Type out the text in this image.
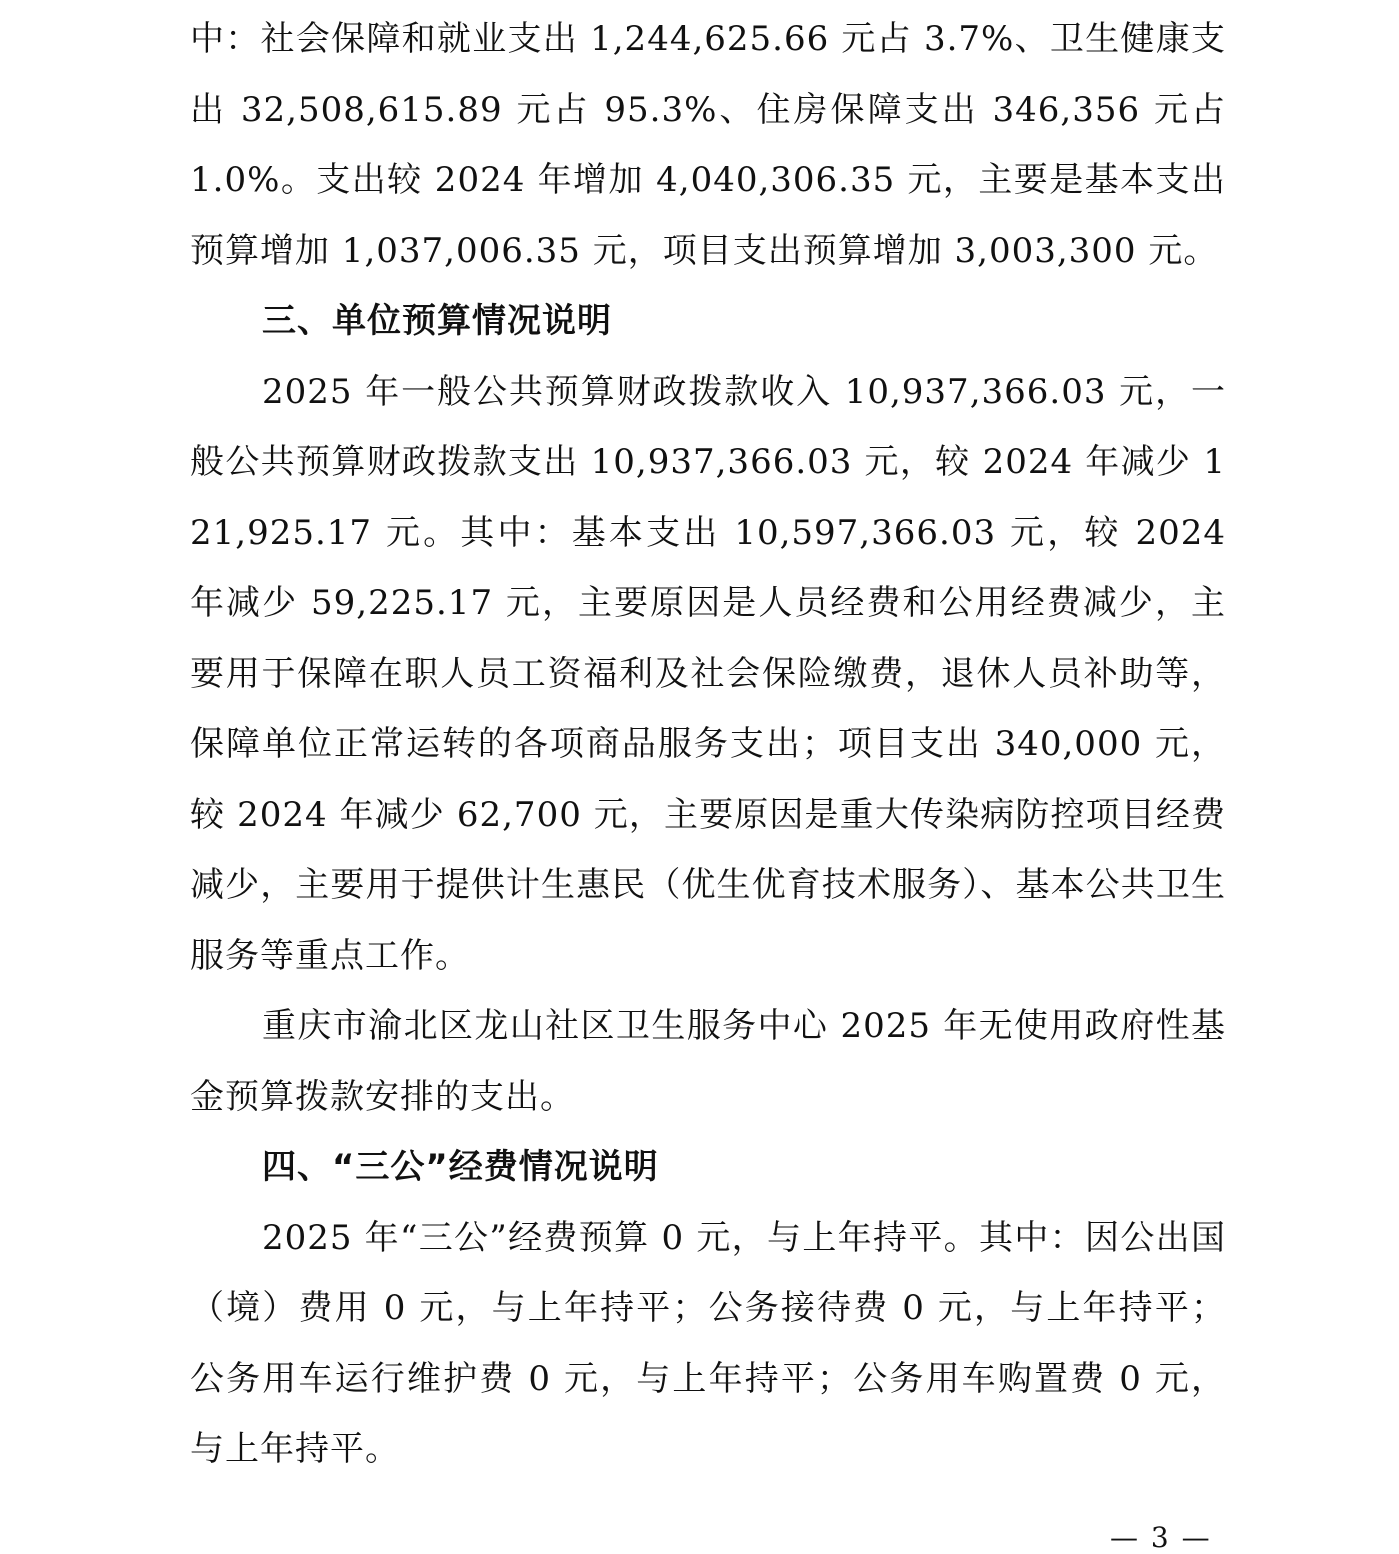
中：社会保障和就业支出 1,244,625.66 元占 3.7%、卫生健康支出 32,508,615.89 元占 95.3%、住房保障支出 346,356 元占 1.0%。支出较 2024 年增加 4,040,306.35 元，主要是基本支出预算增加 1,037,006.35 元，项目支出预算增加 3,003,300 元。

三、单位预算情况说明

2025 年一般公共预算财政拨款收入 10,937,366.03 元，一般公共预算财政拨款支出 10,937,366.03 元，较 2024 年减少 121,925.17 元。其中：基本支出 10,597,366.03 元，较 2024 年减少 59,225.17 元，主要原因是人员经费和公用经费减少，主要用于保障在职人员工资福利及社会保险缴费，退休人员补助等，保障单位正常运转的各项商品服务支出；项目支出 340,000 元，较 2024 年减少 62,700 元，主要原因是重大传染病防控项目经费减少，主要用于提供计生惠民（优生优育技术服务）、基本公共卫生服务等重点工作。

重庆市渝北区龙山社区卫生服务中心 2025 年无使用政府性基金预算拨款安排的支出。

四、“三公”经费情况说明

2025 年“三公”经费预算 0 元，与上年持平。其中：因公出国（境）费用 0 元，与上年持平；公务接待费 0 元，与上年持平；公务用车运行维护费 0 元，与上年持平；公务用车购置费 0 元，与上年持平。

— 3 —
